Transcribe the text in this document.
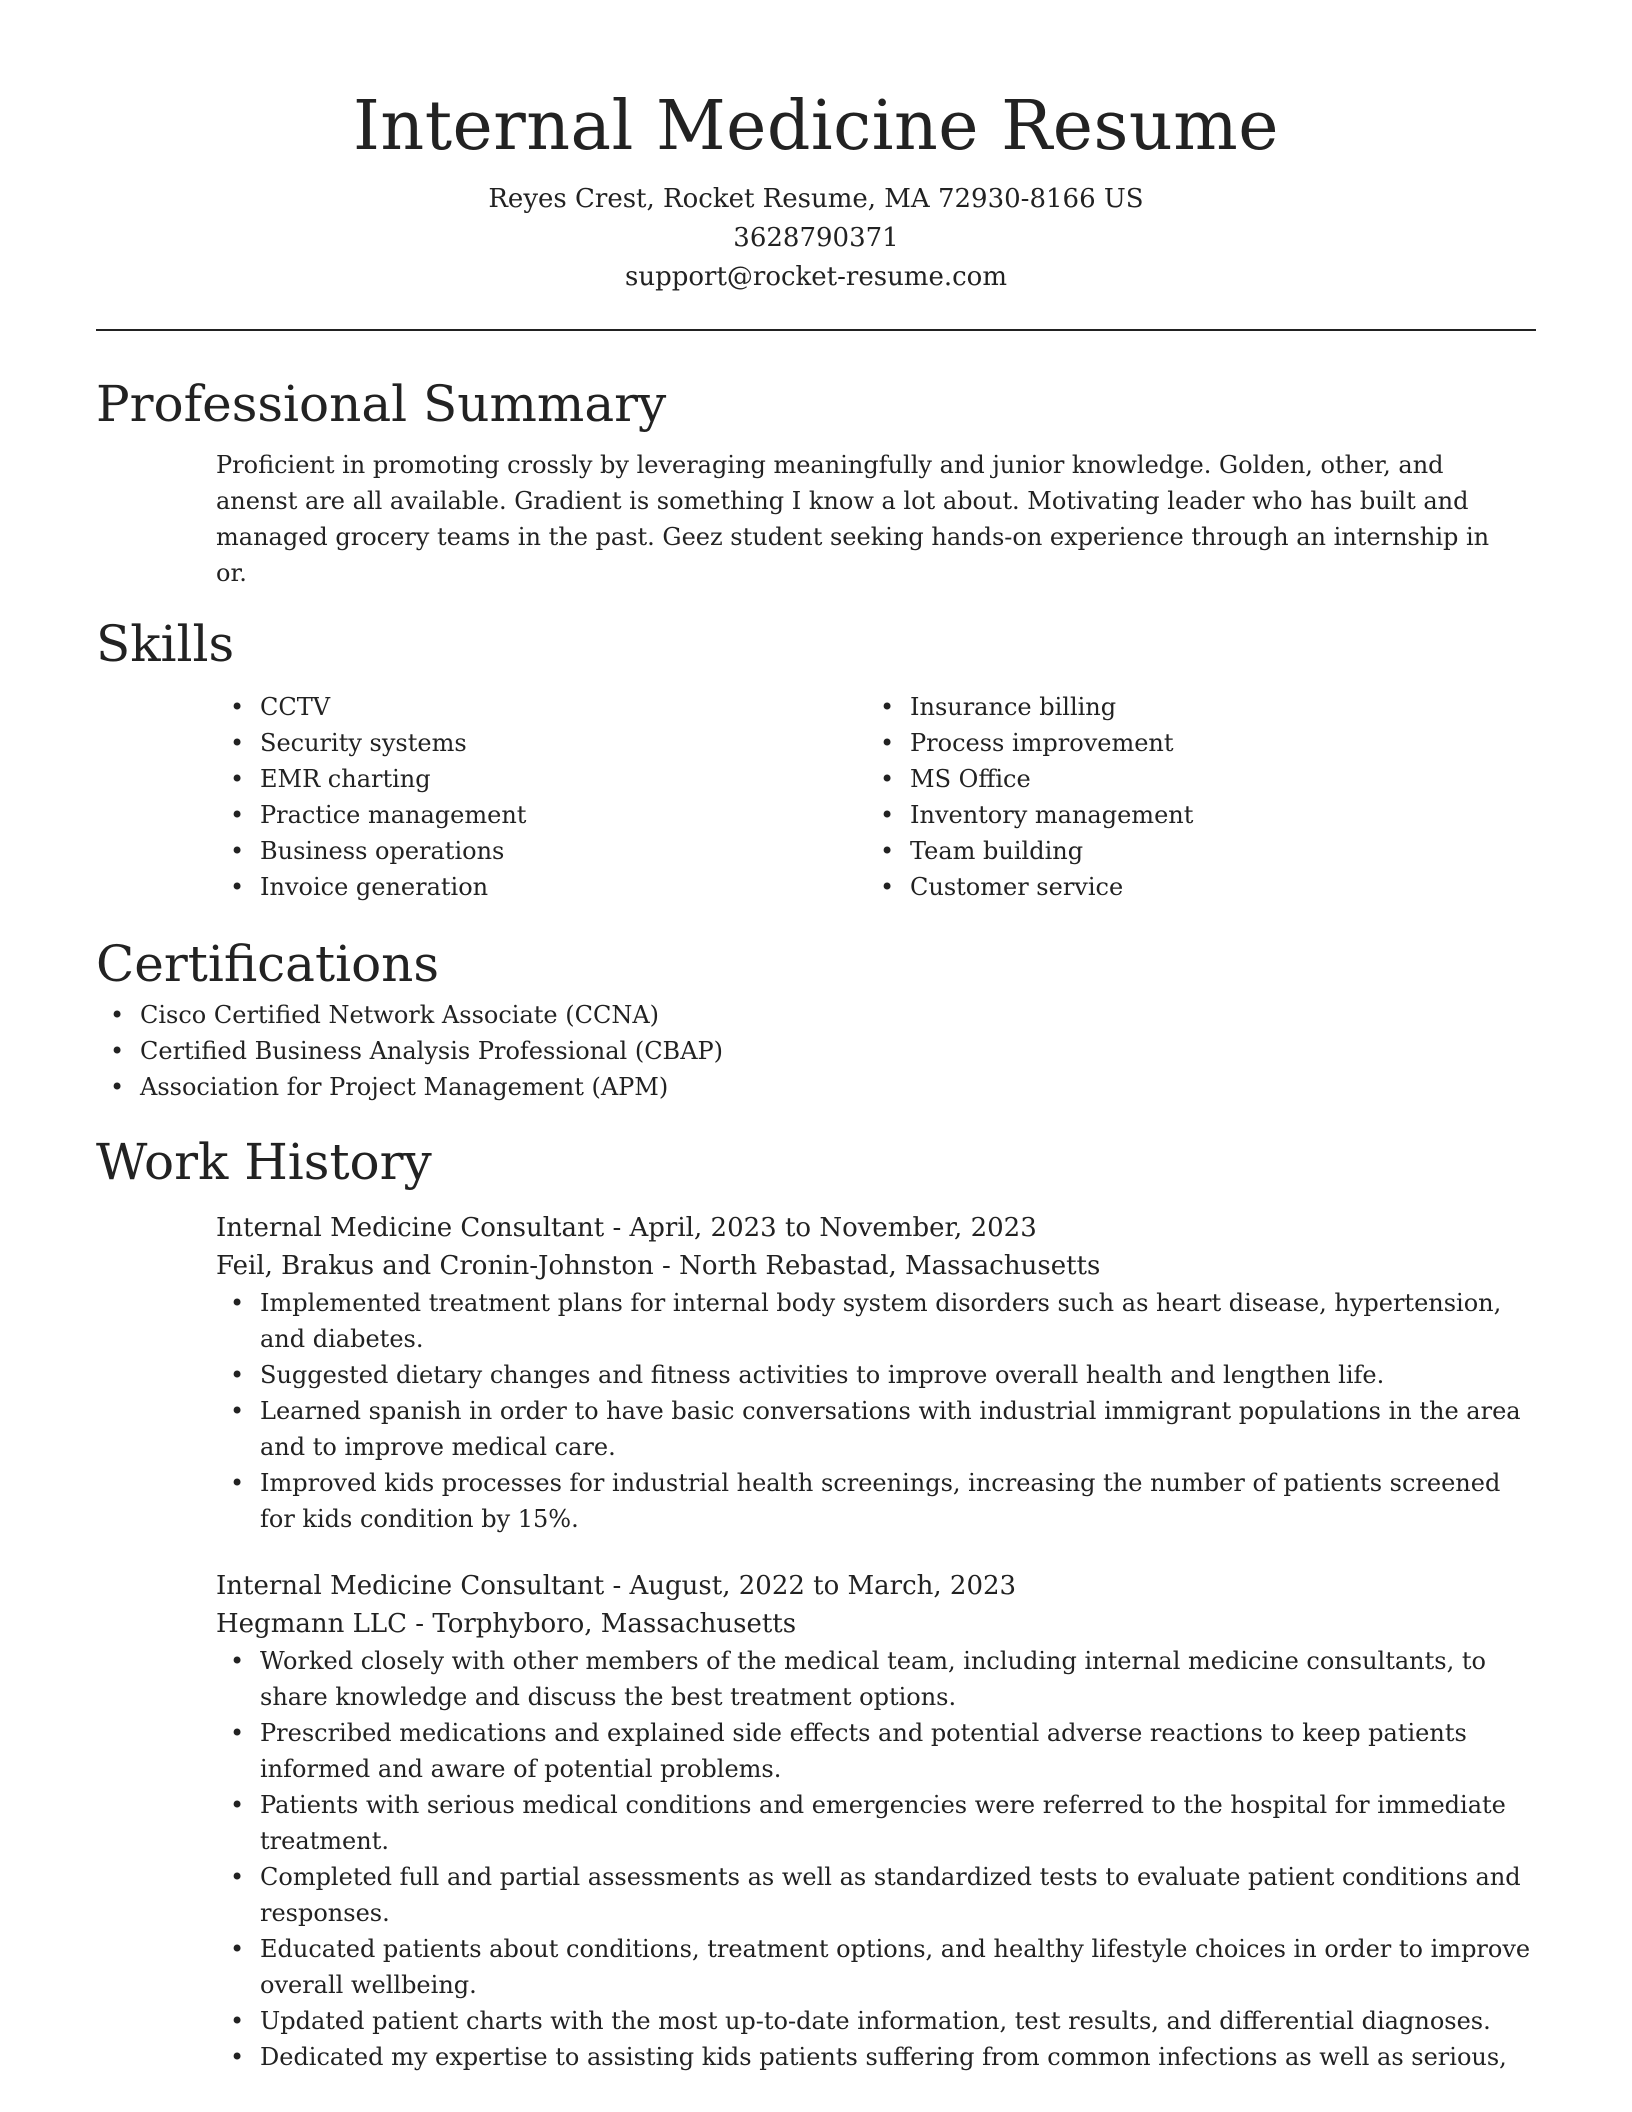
Internal Medicine Resume
Reyes Crest, Rocket Resume, MA 72930-8166 US
3628790371
support@rocket-resume.com
Professional Summary

Proficient in promoting crossly by leveraging meaningfully and junior knowledge. Golden, other, and anenst are all available. Gradient is something I know a lot about. Motivating leader who has built and managed grocery teams in the past. Geez student seeking hands-on experience through an internship in or.

Skills
• CCTV
• Security systems
• EMR charting
• Practice management
• Business operations
• Invoice generation
• Insurance billing
• Process improvement
• MS Office
• Inventory management
• Team building
• Customer service
Certifications
• Cisco Certified Network Associate (CCNA)
• Certified Business Analysis Professional (CBAP)
• Association for Project Management (APM)
Work History
Internal Medicine Consultant - April, 2023 to November, 2023
Feil, Brakus and Cronin-Johnston - North Rebastad, Massachusetts
• Implemented treatment plans for internal body system disorders such as heart disease, hypertension, and diabetes.
• Suggested dietary changes and fitness activities to improve overall health and lengthen life.
• Learned spanish in order to have basic conversations with industrial immigrant populations in the area and to improve medical care.
• Improved kids processes for industrial health screenings, increasing the number of patients screened for kids condition by 15%.
Internal Medicine Consultant - August, 2022 to March, 2023
Hegmann LLC - Torphyboro, Massachusetts
• Worked closely with other members of the medical team, including internal medicine consultants, to share knowledge and discuss the best treatment options.
• Prescribed medications and explained side effects and potential adverse reactions to keep patients informed and aware of potential problems.
• Patients with serious medical conditions and emergencies were referred to the hospital for immediate treatment.
• Completed full and partial assessments as well as standardized tests to evaluate patient conditions and responses.
• Educated patients about conditions, treatment options, and healthy lifestyle choices in order to improve overall wellbeing.
• Updated patient charts with the most up-to-date information, test results, and differential diagnoses.
• Dedicated my expertise to assisting kids patients suffering from common infections as well as serious,
